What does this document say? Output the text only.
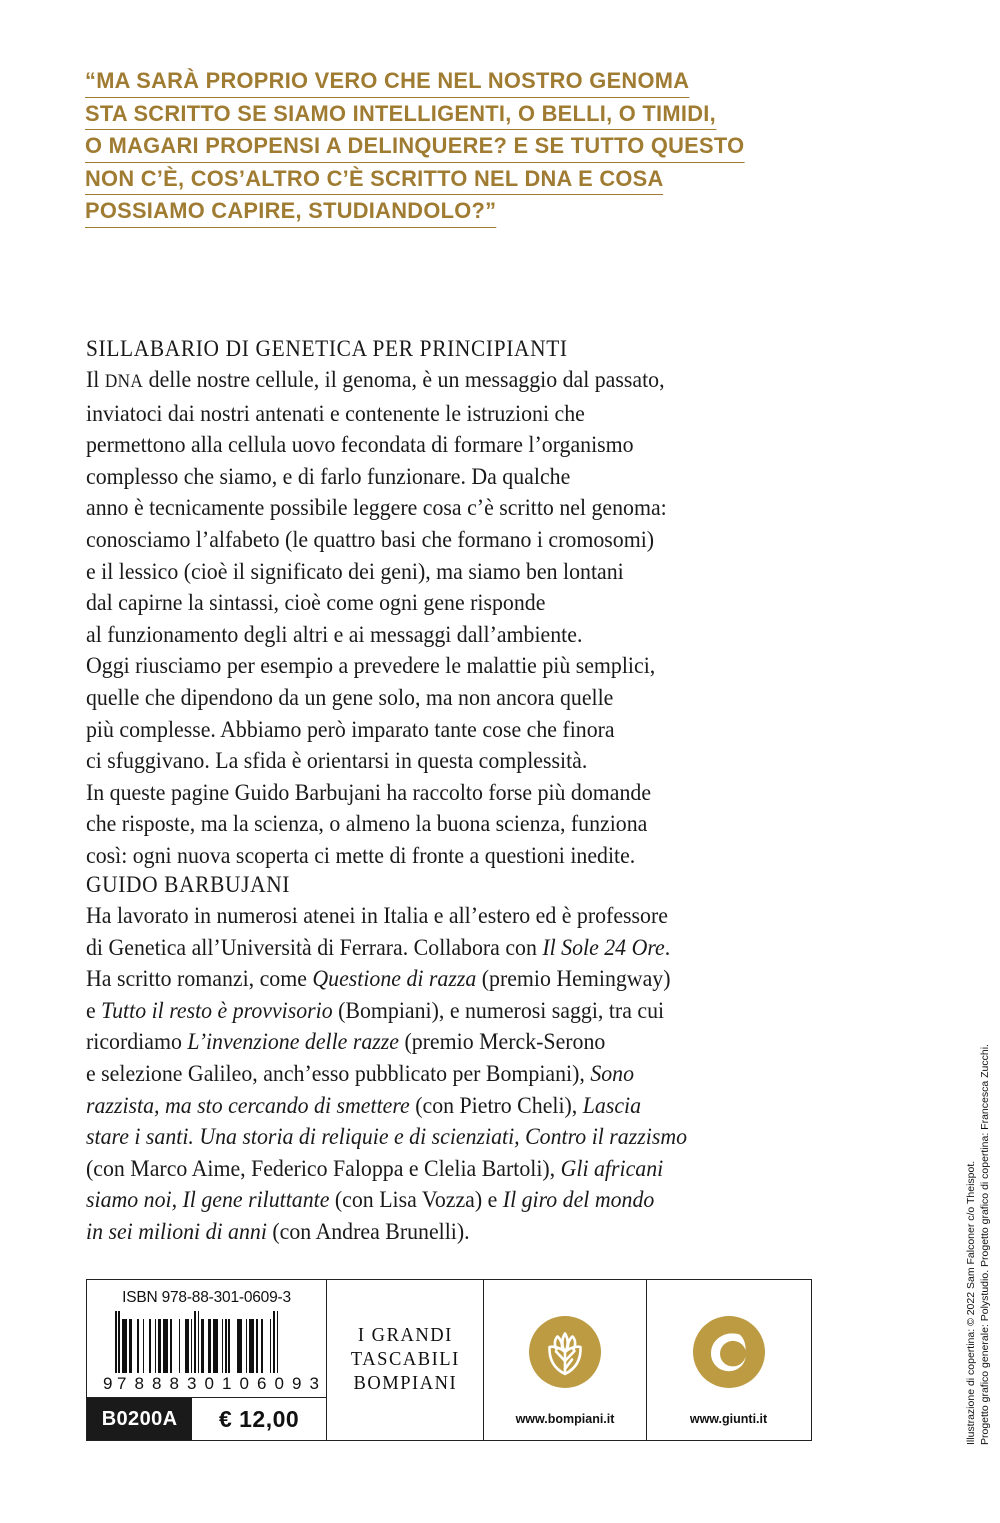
“MA SARÀ PROPRIO VERO CHE NEL NOSTRO GENOMA
STA SCRITTO SE SIAMO INTELLIGENTI, O BELLI, O TIMIDI,
O MAGARI PROPENSI A DELINQUERE? E SE TUTTO QUESTO
NON C’È, COS’ALTRO C’È SCRITTO NEL DNA E COSA
POSSIAMO CAPIRE, STUDIANDOLO?”
SILLABARIO DI GENETICA PER PRINCIPIANTI
Il DNA delle nostre cellule, il genoma, è un messaggio dal passato,
inviatoci dai nostri antenati e contenente le istruzioni che
permettono alla cellula uovo fecondata di formare l’organismo
complesso che siamo, e di farlo funzionare. Da qualche
anno è tecnicamente possibile leggere cosa c’è scritto nel genoma:
conosciamo l’alfabeto (le quattro basi che formano i cromosomi)
e il lessico (cioè il significato dei geni), ma siamo ben lontani
dal capirne la sintassi, cioè come ogni gene risponde
al funzionamento degli altri e ai messaggi dall’ambiente.
Oggi riusciamo per esempio a prevedere le malattie più semplici,
quelle che dipendono da un gene solo, ma non ancora quelle
più complesse. Abbiamo però imparato tante cose che finora
ci sfuggivano. La sfida è orientarsi in questa complessità.
In queste pagine Guido Barbujani ha raccolto forse più domande
che risposte, ma la scienza, o almeno la buona scienza, funziona
così: ogni nuova scoperta ci mette di fronte a questioni inedite.
GUIDO BARBUJANI
Ha lavorato in numerosi atenei in Italia e all’estero ed è professore
di Genetica all’Università di Ferrara. Collabora con Il Sole 24 Ore.
Ha scritto romanzi, come Questione di razza (premio Hemingway)
e Tutto il resto è provvisorio (Bompiani), e numerosi saggi, tra cui
ricordiamo L’invenzione delle razze (premio Merck-Serono
e selezione Galileo, anch’esso pubblicato per Bompiani), Sono
razzista, ma sto cercando di smettere (con Pietro Cheli), Lascia
stare i santi. Una storia di reliquie e di scienziati, Contro il razzismo
(con Marco Aime, Federico Faloppa e Clelia Bartoli), Gli africani
siamo noi, Il gene riluttante (con Lisa Vozza) e Il giro del mondo
in sei milioni di anni (con Andrea Brunelli).
ISBN 978-88-301-0609-3
9 7 8 8 8 3 0 1 0 6 0 9 3
B0200A	€ 12,00
I GRANDI
TASCABILI
BOMPIANI
www.bompiani.it	www.giunti.it	Illustrazione di copertina: © 2022 Sam Falconer c/o Theispot. Progetto grafico generale: Polystudio. Progetto grafico di copertina: Francesca Zucchi.
